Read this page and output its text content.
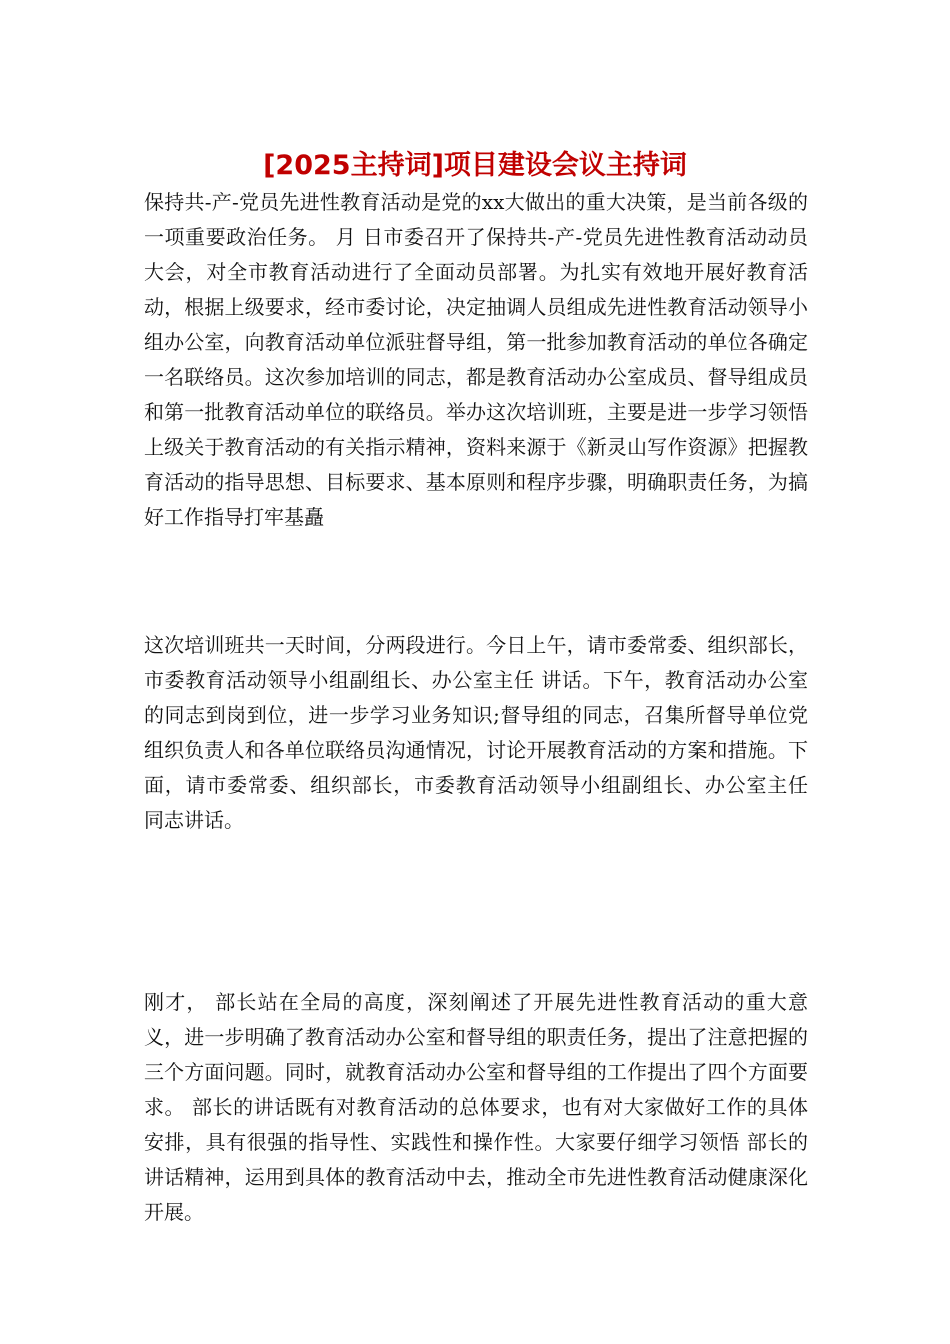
[2025主持词]项目建设会议主持词

保持共-产-党员先进性教育活动是党的xx大做出的重大决策，是当前各级的一项重要政治任务。 月 日市委召开了保持共-产-党员先进性教育活动动员大会，对全市教育活动进行了全面动员部署。为扎实有效地开展好教育活动，根据上级要求，经市委讨论，决定抽调人员组成先进性教育活动领导小组办公室，向教育活动单位派驻督导组，第一批参加教育活动的单位各确定一名联络员。这次参加培训的同志，都是教育活动办公室成员、督导组成员和第一批教育活动单位的联络员。举办这次培训班，主要是进一步学习领悟上级关于教育活动的有关指示精神，资料来源于《新灵山写作资源》把握教育活动的指导思想、目标要求、基本原则和程序步骤，明确职责任务，为搞好工作指导打牢基矗

这次培训班共一天时间，分两段进行。今日上午，请市委常委、组织部长，市委教育活动领导小组副组长、办公室主任 讲话。下午，教育活动办公室的同志到岗到位，进一步学习业务知识;督导组的同志，召集所督导单位党组织负责人和各单位联络员沟通情况，讨论开展教育活动的方案和措施。下面，请市委常委、组织部长，市委教育活动领导小组副组长、办公室主任 同志讲话。

刚才， 部长站在全局的高度，深刻阐述了开展先进性教育活动的重大意义，进一步明确了教育活动办公室和督导组的职责任务，提出了注意把握的三个方面问题。同时，就教育活动办公室和督导组的工作提出了四个方面要求。 部长的讲话既有对教育活动的总体要求，也有对大家做好工作的具体安排，具有很强的指导性、实践性和操作性。大家要仔细学习领悟 部长的讲话精神，运用到具体的教育活动中去，推动全市先进性教育活动健康深化开展。
